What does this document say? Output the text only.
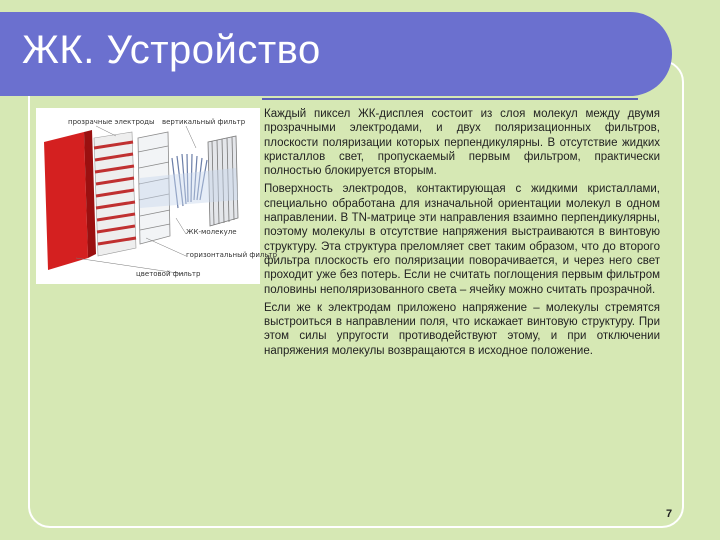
ЖК. Устройство
прозрачные электроды вертикальный фильтр
ЖК-молекуле
горизонтальный фильтр
цветовой фильтр

Каждый пиксел ЖК-дисплея состоит из слоя молекул между двумя прозрачными электродами, и двух поляризационных фильтров, плоскости поляризации которых перпендикулярны. В отсутствие жидких кристаллов свет, пропускаемый первым фильтром, практически полностью блокируется вторым.

Поверхность электродов, контактирующая с жидкими кристаллами, специально обработана для изначальной ориентации молекул в одном направлении. В TN-матрице эти направления взаимно перпендикулярны, поэтому молекулы в отсутствие напряжения выстраиваются в винтовую структуру. Эта структура преломляет свет таким образом, что до второго фильтра плоскость его поляризации поворачивается, и через него свет проходит уже без потерь. Если не считать поглощения первым фильтром половины неполяризованного света – ячейку можно считать прозрачной.

Если же к электродам приложено напряжение – молекулы стремятся выстроиться в направлении поля, что искажает винтовую структуру. При этом силы упругости противодействуют этому, и при отключении напряжения молекулы возвращаются в исходное положение.

7
